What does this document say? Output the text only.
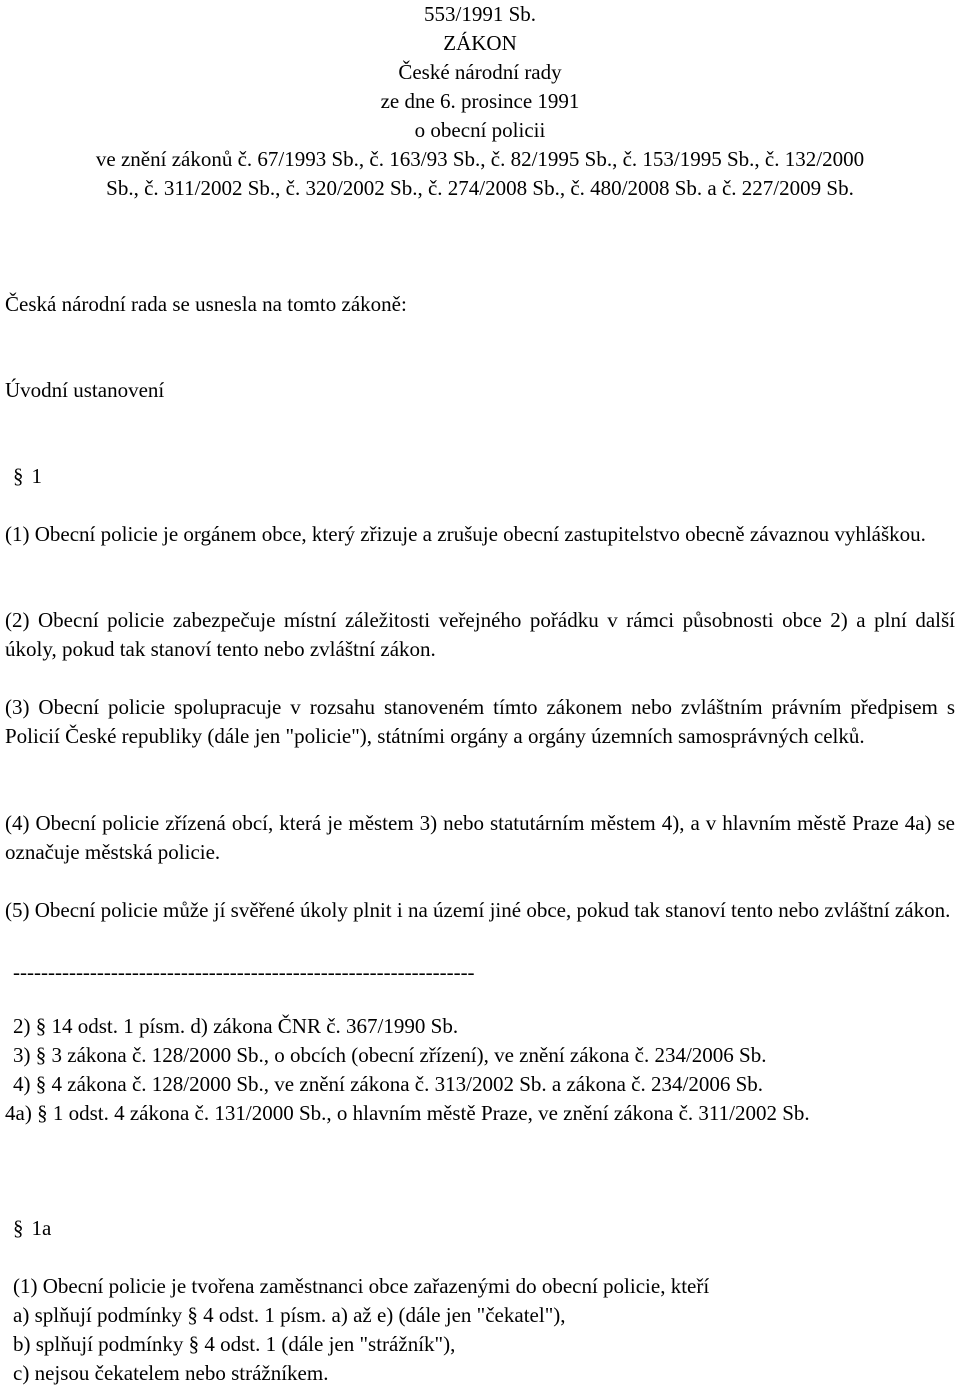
553/1991 Sb.
ZÁKON
České národní rady
ze dne 6. prosince 1991
o obecní policii
ve znění zákonů č. 67/1993 Sb., č. 163/93 Sb., č. 82/1995 Sb., č. 153/1995 Sb., č. 132/2000
Sb., č. 311/2002 Sb., č. 320/2002 Sb., č. 274/2008 Sb., č. 480/2008 Sb. a č. 227/2009 Sb.
Česká národní rada se usnesla na tomto zákoně:
Úvodní ustanovení
§ 1
(1) Obecní policie je orgánem obce, který zřizuje a zrušuje obecní zastupitelstvo obecně závaznou vyhláškou.
(2) Obecní policie zabezpečuje místní záležitosti veřejného pořádku v rámci působnosti obce 2) a plní další úkoly, pokud tak stanoví tento nebo zvláštní zákon.
(3) Obecní policie spolupracuje v rozsahu stanoveném tímto zákonem nebo zvláštním právním předpisem s Policií České republiky (dále jen "policie"), státními orgány a orgány územních samosprávných celků.
(4) Obecní policie zřízená obcí, která je městem 3) nebo statutárním městem 4), a v hlavním městě Praze 4a) se označuje městská policie.
(5) Obecní policie může jí svěřené úkoly plnit i na území jiné obce, pokud tak stanoví tento nebo zvláštní zákon.
------------------------------------------------------------------
2) § 14 odst. 1 písm. d) zákona ČNR č. 367/1990 Sb.
3) § 3 zákona č. 128/2000 Sb., o obcích (obecní zřízení), ve znění zákona č. 234/2006 Sb.
4) § 4 zákona č. 128/2000 Sb., ve znění zákona č. 313/2002 Sb. a zákona č. 234/2006 Sb.
4a) § 1 odst. 4 zákona č. 131/2000 Sb., o hlavním městě Praze, ve znění zákona č. 311/2002 Sb.
§ 1a
(1) Obecní policie je tvořena zaměstnanci obce zařazenými do obecní policie, kteří
a) splňují podmínky § 4 odst. 1 písm. a) až e) (dále jen "čekatel"),
b) splňují podmínky § 4 odst. 1 (dále jen "strážník"),
c) nejsou čekatelem nebo strážníkem.
